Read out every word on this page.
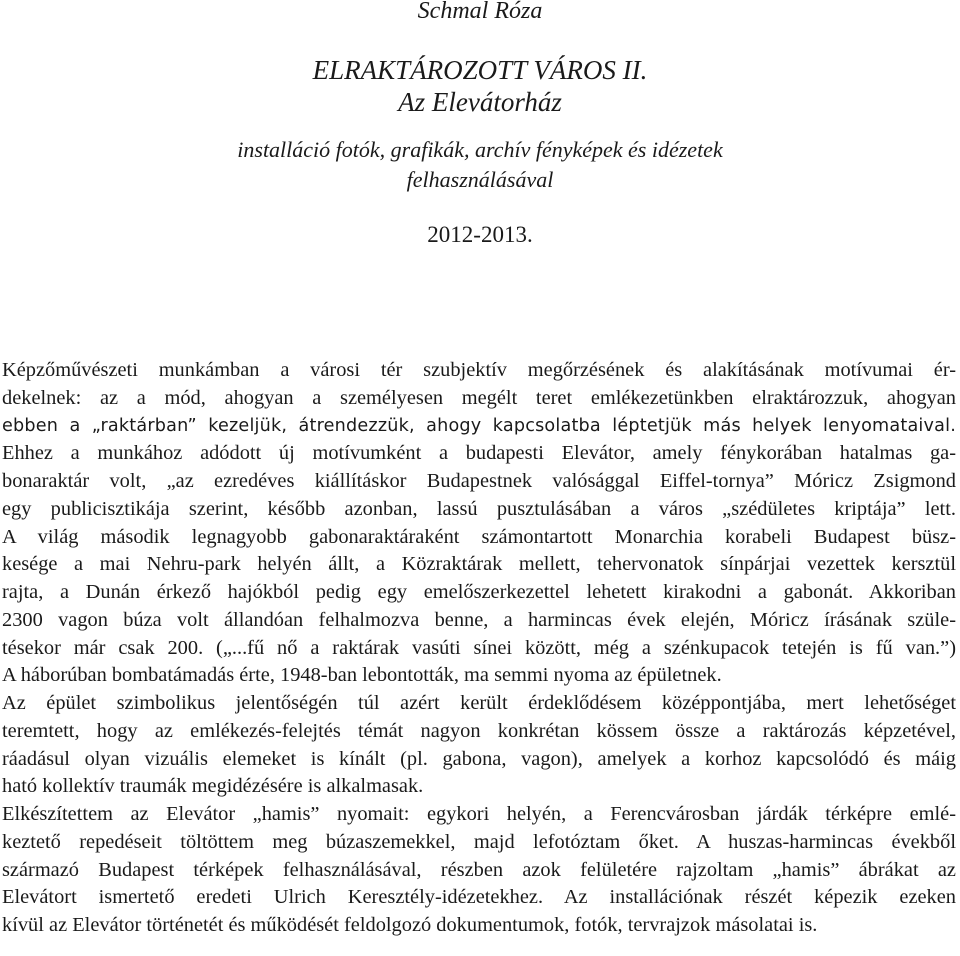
Schmal Róza
ELRAKTÁROZOTT VÁROS II.
Az Elevátorház
installáció fotók, grafikák, archív fényképek és idézetek
felhasználásával
2012-2013.
Képzőművészeti munkámban a városi tér szubjektív megőrzésének és alakításának motívumai ér-
dekelnek: az a mód, ahogyan a személyesen megélt teret emlékezetünkben elraktározzuk, ahogyan
ebben a „raktárban” kezeljük, átrendezzük, ahogy kapcsolatba léptetjük más helyek lenyomataival.
Ehhez a munkához adódott új motívumként a budapesti Elevátor, amely fénykorában hatalmas ga-
bonaraktár volt, „az ezredéves kiállításkor Budapestnek valósággal Eiffel-tornya” Móricz Zsigmond
egy publicisztikája szerint, később azonban, lassú pusztulásában a város „szédületes kriptája” lett.
A világ második legnagyobb gabonaraktáraként számontartott Monarchia korabeli Budapest büsz-
kesége a mai Nehru-park helyén állt, a Közraktárak mellett, tehervonatok sínpárjai vezettek kersztül
rajta, a Dunán érkező hajókból pedig egy emelőszerkezettel lehetett kirakodni a gabonát. Akkoriban
2300 vagon búza volt állandóan felhalmozva benne, a harmincas évek elején, Móricz írásának szüle-
tésekor már csak 200. („...fű nő a raktárak vasúti sínei között, még a szénkupacok tetején is fű van.”)
A háborúban bombatámadás érte, 1948-ban lebontották, ma semmi nyoma az épületnek.
Az épület szimbolikus jelentőségén túl azért került érdeklődésem középpontjába, mert lehetőséget
teremtett, hogy az emlékezés-felejtés témát nagyon konkrétan kössem össze a raktározás képzetével,
ráadásul olyan vizuális elemeket is kínált (pl. gabona, vagon), amelyek a korhoz kapcsolódó és máig
ható kollektív traumák megidézésére is alkalmasak.
Elkészítettem az Elevátor „hamis” nyomait: egykori helyén, a Ferencvárosban járdák térképre emlé-
keztető repedéseit töltöttem meg búzaszemekkel, majd lefotóztam őket. A huszas-harmincas évekből
származó Budapest térképek felhasználásával, részben azok felületére rajzoltam „hamis” ábrákat az
Elevátort ismertető eredeti Ulrich Keresztély-idézetekhez. Az installációnak részét képezik ezeken
kívül az Elevátor történetét és működését feldolgozó dokumentumok, fotók, tervrajzok másolatai is.
